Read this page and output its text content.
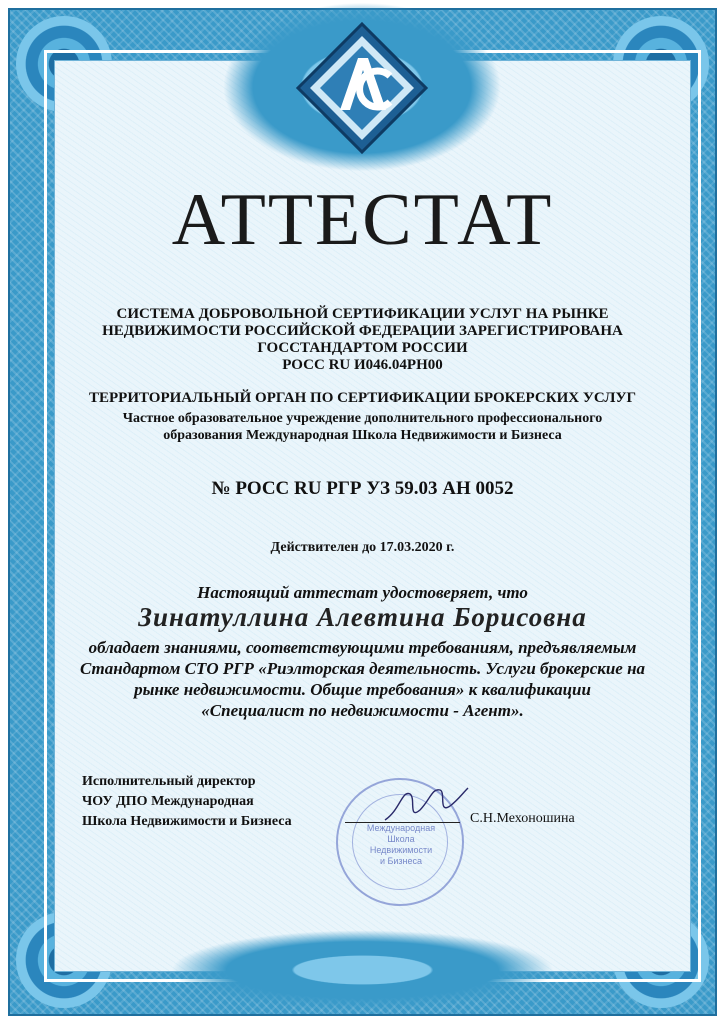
АТТЕСТАТ
СИСТЕМА ДОБРОВОЛЬНОЙ СЕРТИФИКАЦИИ УСЛУГ НА РЫНКЕ
НЕДВИЖИМОСТИ РОССИЙСКОЙ ФЕДЕРАЦИИ ЗАРЕГИСТРИРОВАНА
ГОССТАНДАРТОМ РОССИИ
РОСС RU И046.04РН00
ТЕРРИТОРИАЛЬНЫЙ ОРГАН ПО СЕРТИФИКАЦИИ БРОКЕРСКИХ УСЛУГ
Частное образовательное учреждение дополнительного профессионального
образования Международная Школа Недвижимости и Бизнеса
№ РОСС RU РГР УЗ 59.03 АН 0052
Действителен до 17.03.2020 г.
Настоящий аттестат удостоверяет, что
Зинатуллина Алевтина Борисовна
обладает знаниями, соответствующими требованиям, предъявляемым
Стандартом СТО РГР «Риэлторская деятельность. Услуги брокерские на
рынке недвижимости. Общие требования» к квалификации
«Специалист по недвижимости - Агент».
Исполнительный директор
ЧОУ ДПО Международная
Школа Недвижимости и Бизнеса	Международная
Школа
Недвижимости
и Бизнеса
С.Н.Мехоношина
